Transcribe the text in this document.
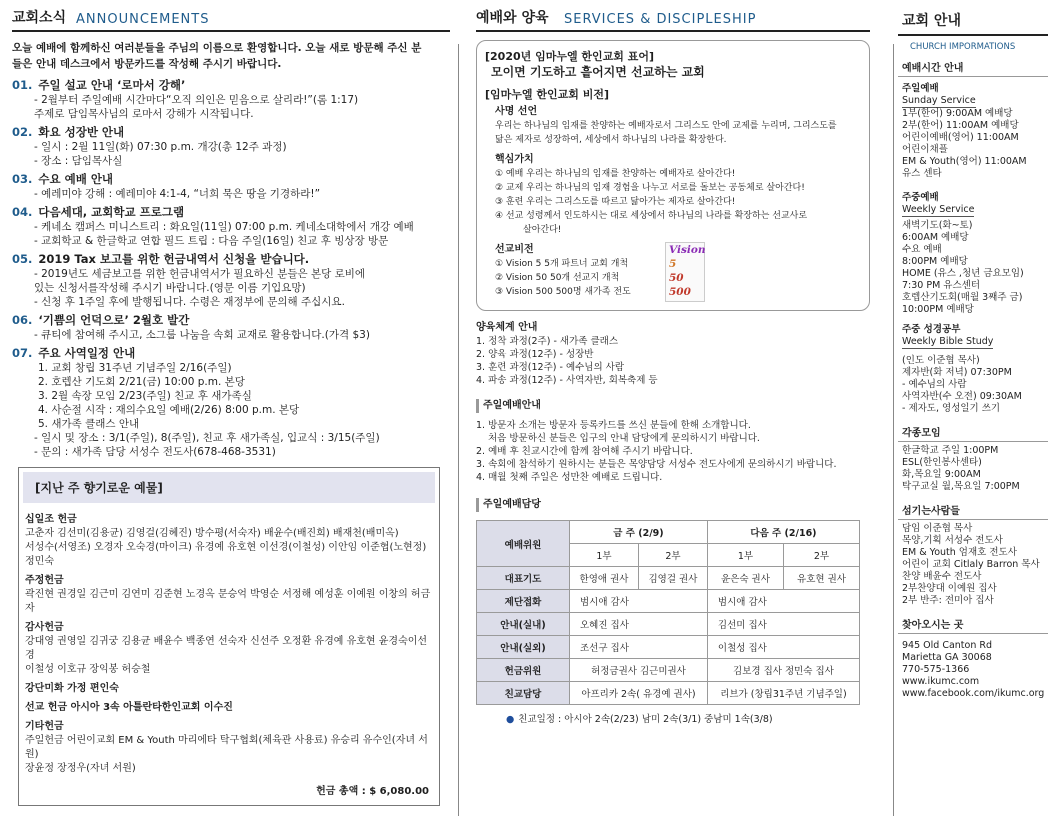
교회소식 ANNOUNCEMENTS
오늘 예배에 함께하신 여러분들을 주님의 이름으로 환영합니다. 오늘 새로 방문해 주신 분
들은 안내 데스크에서 방문카드를 작성해 주시기 바랍니다.
01. 주일 설교 안내 ‘로마서 강해’
- 2월부터 주일예배 시간마다“오직 의인은 믿음으로 살리라!”(롬 1:17)
주제로 담임목사님의 로마서 강해가 시작됩니다.
02. 화요 성장반 안내
- 일시 : 2월 11일(화) 07:30 p.m. 개강(총 12주 과정)
- 장소 : 담임목사실
03. 수요 예배 안내
- 예레미야 강해 : 예레미야 4:1-4, “너희 묵은 땅을 기경하라!”
04. 다음세대, 교회학교 프로그램
- 케네소 캠퍼스 미니스트리 : 화요일(11일) 07:00 p.m. 케네소대학에서 개강 예배
- 교회학교 & 한글학교 연합 필드 트립 : 다음 주일(16일) 친교 후 빙상장 방문
05. 2019 Tax 보고를 위한 헌금내역서 신청을 받습니다.
- 2019년도 세금보고를 위한 헌금내역서가 필요하신 분들은 본당 로비에
있는 신청서를작성해 주시기 바랍니다.(영문 이름 기입요망)
- 신청 후 1주일 후에 발행됩니다. 수령은 재정부에 문의해 주십시요.
06. ‘기쁨의 언덕으로’ 2월호 발간
- 큐티에 참여해 주시고, 소그룹 나눔을 속회 교재로 활용합니다.(가격 $3)
07. 주요 사역일정 안내
1. 교회 창립 31주년 기념주일 2/16(주일)
2. 호렙산 기도회 2/21(금) 10:00 p.m. 본당
3. 2월 속장 모임 2/23(주일) 친교 후 새가족실
4. 사순절 시작 : 재의수요일 예배(2/26) 8:00 p.m. 본당
5. 새가족 클래스 안내
- 일시 및 장소 : 3/1(주일), 8(주일), 친교 후 새가족실, 입교식 : 3/15(주일)
- 문의 : 새가족 담당 서성수 전도사(678-468-3531)
[지난 주 향기로운 예물]
십일조 헌금
고춘자 김선미(김용균) 김영걸(김혜진) 방수평(서숙자) 배윤수(배진희) 배재천(배미옥)
서성수(서영조) 오경자 오숙경(마이크) 유경예 유호현 이선경(이철성) 이안임 이준협(노현정)
정민숙
주정헌금
곽진현 권경일 김근미 김연미 김준현 노경옥 문승억 박영순 서정해 예성훈 이예원 이창의 허금자
감사헌금
강대영 권영일 김귀궁 김용균 배윤수 백종연 선숙자 신선주 오정환 유경예 유호현 윤경숙이선경
이철성 이호규 장익봉 허승철
강단미화 가정 편인숙
선교 헌금 아시아 3속 아틀란타한인교회 이수진
기타헌금
주일헌금 어린이교회 EM & Youth 마리에타 탁구협회(체육관 사용료) 유승리 유수인(자녀 서원)
장윤정 장정우(자녀 서원)
헌금 총액 : $ 6,080.00
예배와 양육 SERVICES & DISCIPLESHIP
[2020년 임마누엘 한인교회 표어]
모이면 기도하고 흩어지면 선교하는 교회
[임마누엘 한인교회 비전]
사명 선언
우리는 하나님의 임재를 찬양하는 예배자로서 그리스도 안에 교제를 누리며, 그리스도를
닮은 제자로 성장하여, 세상에서 하나님의 나라를 확장한다.
핵심가치
① 예배 우리는 하나님의 임재를 찬양하는 예배자로 살아간다!
② 교제 우리는 하나님의 임재 경험을 나누고 서로를 돌보는 공동체로 살아간다!
③ 훈련 우리는 그리스도를 따르고 닮아가는 제자로 살아간다!
④ 선교 성령께서 인도하시는 대로 세상에서 하나님의 나라를 확장하는 선교사로
살아간다!
선교비전
① Vision 5 5개 파트너 교회 개척
② Vision 50 50개 선교지 개척
③ Vision 500 500명 새가족 전도
Vision
5
50
500
양육체계 안내
1. 정착 과정(2주) - 새가족 클래스
2. 양육 과정(12주) - 성장반
3. 훈련 과정(12주) - 예수님의 사람
4. 파송 과정(12주) - 사역자반, 회복축제 등
주일예배안내
1. 방문자 소개는 방문자 등록카드를 쓰신 분들에 한해 소개합니다.
처음 방문하신 분들은 입구의 안내 담당에게 문의하시기 바랍니다.
2. 예배 후 친교시간에 함께 참여해 주시기 바랍니다.
3. 속회에 참석하기 원하시는 분들은 목양담당 서성수 전도사에게 문의하시기 바랍니다.
4. 매월 첫째 주일은 성만찬 예배로 드립니다.
주일예배담당
예배위원	금 주 (2/9)		다음 주 (2/16)	
	1부	2부	1부	2부
대표기도	한영애 권사	김영걸 권사	윤은숙 권사	유호현 권사
제단접화	범시애 감사		범시애 감사	
안내(실내)	오혜진 집사		김선미 집사	
안내(실외)	조선구 집사		이철성 집사	
헌금위원	허정금권사 김근미권사		김보경 집사 정민숙 집사	
친교담당	아프리카 2속( 유경예 권사)		리브가 (창립31주년 기념주일)	
● 친교일정 : 아시아 2속(2/23) 남미 2속(3/1) 중남미 1속(3/8)
교회 안내
CHURCH IMPORMATIONS
예배시간 안내
주일예배
Sunday Service
1부(한어) 9:00AM 예배당
2부(한어) 11:00AM 예배당
어린이예배(영어) 11:00AM
어린이채플
EM & Youth(영어) 11:00AM
유스 센타
주중예배
Weekly Service
새벽기도(화~토)
6:00AM 예배당
수요 예배
8:00PM 예배당
HOME (유스 ,청년 금요모임)
7:30 PM 유스센터
호렙산기도회(매월 3째주 금)
10:00PM 예배당
주중 성경공부
Weekly Bible Study
(인도 이준협 목사)
제자반(화 저녁) 07:30PM
- 예수님의 사람
사역자반(수 오전) 09:30AM
- 제자도, 영성일기 쓰기
각종모임
한글학교 주일 1:00PM
ESL(한인봉사센타)
화,목요일 9:00AM
탁구교실 월,목요일 7:00PM
섬기는사람들
담임 이준협 목사
목양,기획 서성수 전도사
EM & Youth 엄재호 전도사
어린이 교회 Citlaly Barron 목사
찬양 배윤수 전도사
2부찬양대 이예원 집사
2부 반주: 전미아 집사
찾아오시는 곳
945 Old Canton Rd
Marietta GA 30068
770-575-1366
www.ikumc.com
www.facebook.com/ikumc.org
